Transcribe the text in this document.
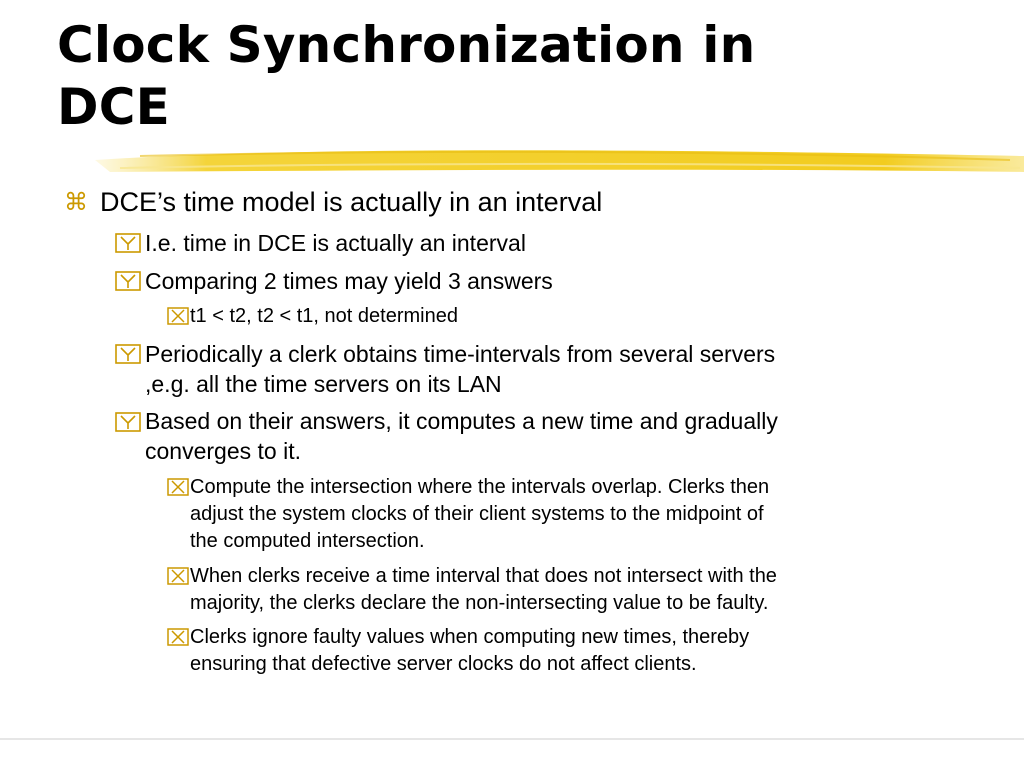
Clock Synchronization in
DCE
⌘ DCE’s time model is actually in an interval
I.e. time in DCE is actually an interval
Comparing 2 times may yield 3 answers
t1 < t2, t2 < t1, not determined
Periodically a clerk obtains time-intervals from several servers
,e.g. all the time servers on its LAN
Based on their answers, it computes a new time and gradually
converges to it.
Compute the intersection where the intervals overlap. Clerks then
adjust the system clocks of their client systems to the midpoint of
the computed intersection.
When clerks receive a time interval that does not intersect with the
majority, the clerks declare the non-intersecting value to be faulty.
Clerks ignore faulty values when computing new times, thereby
ensuring that defective server clocks do not affect clients.
